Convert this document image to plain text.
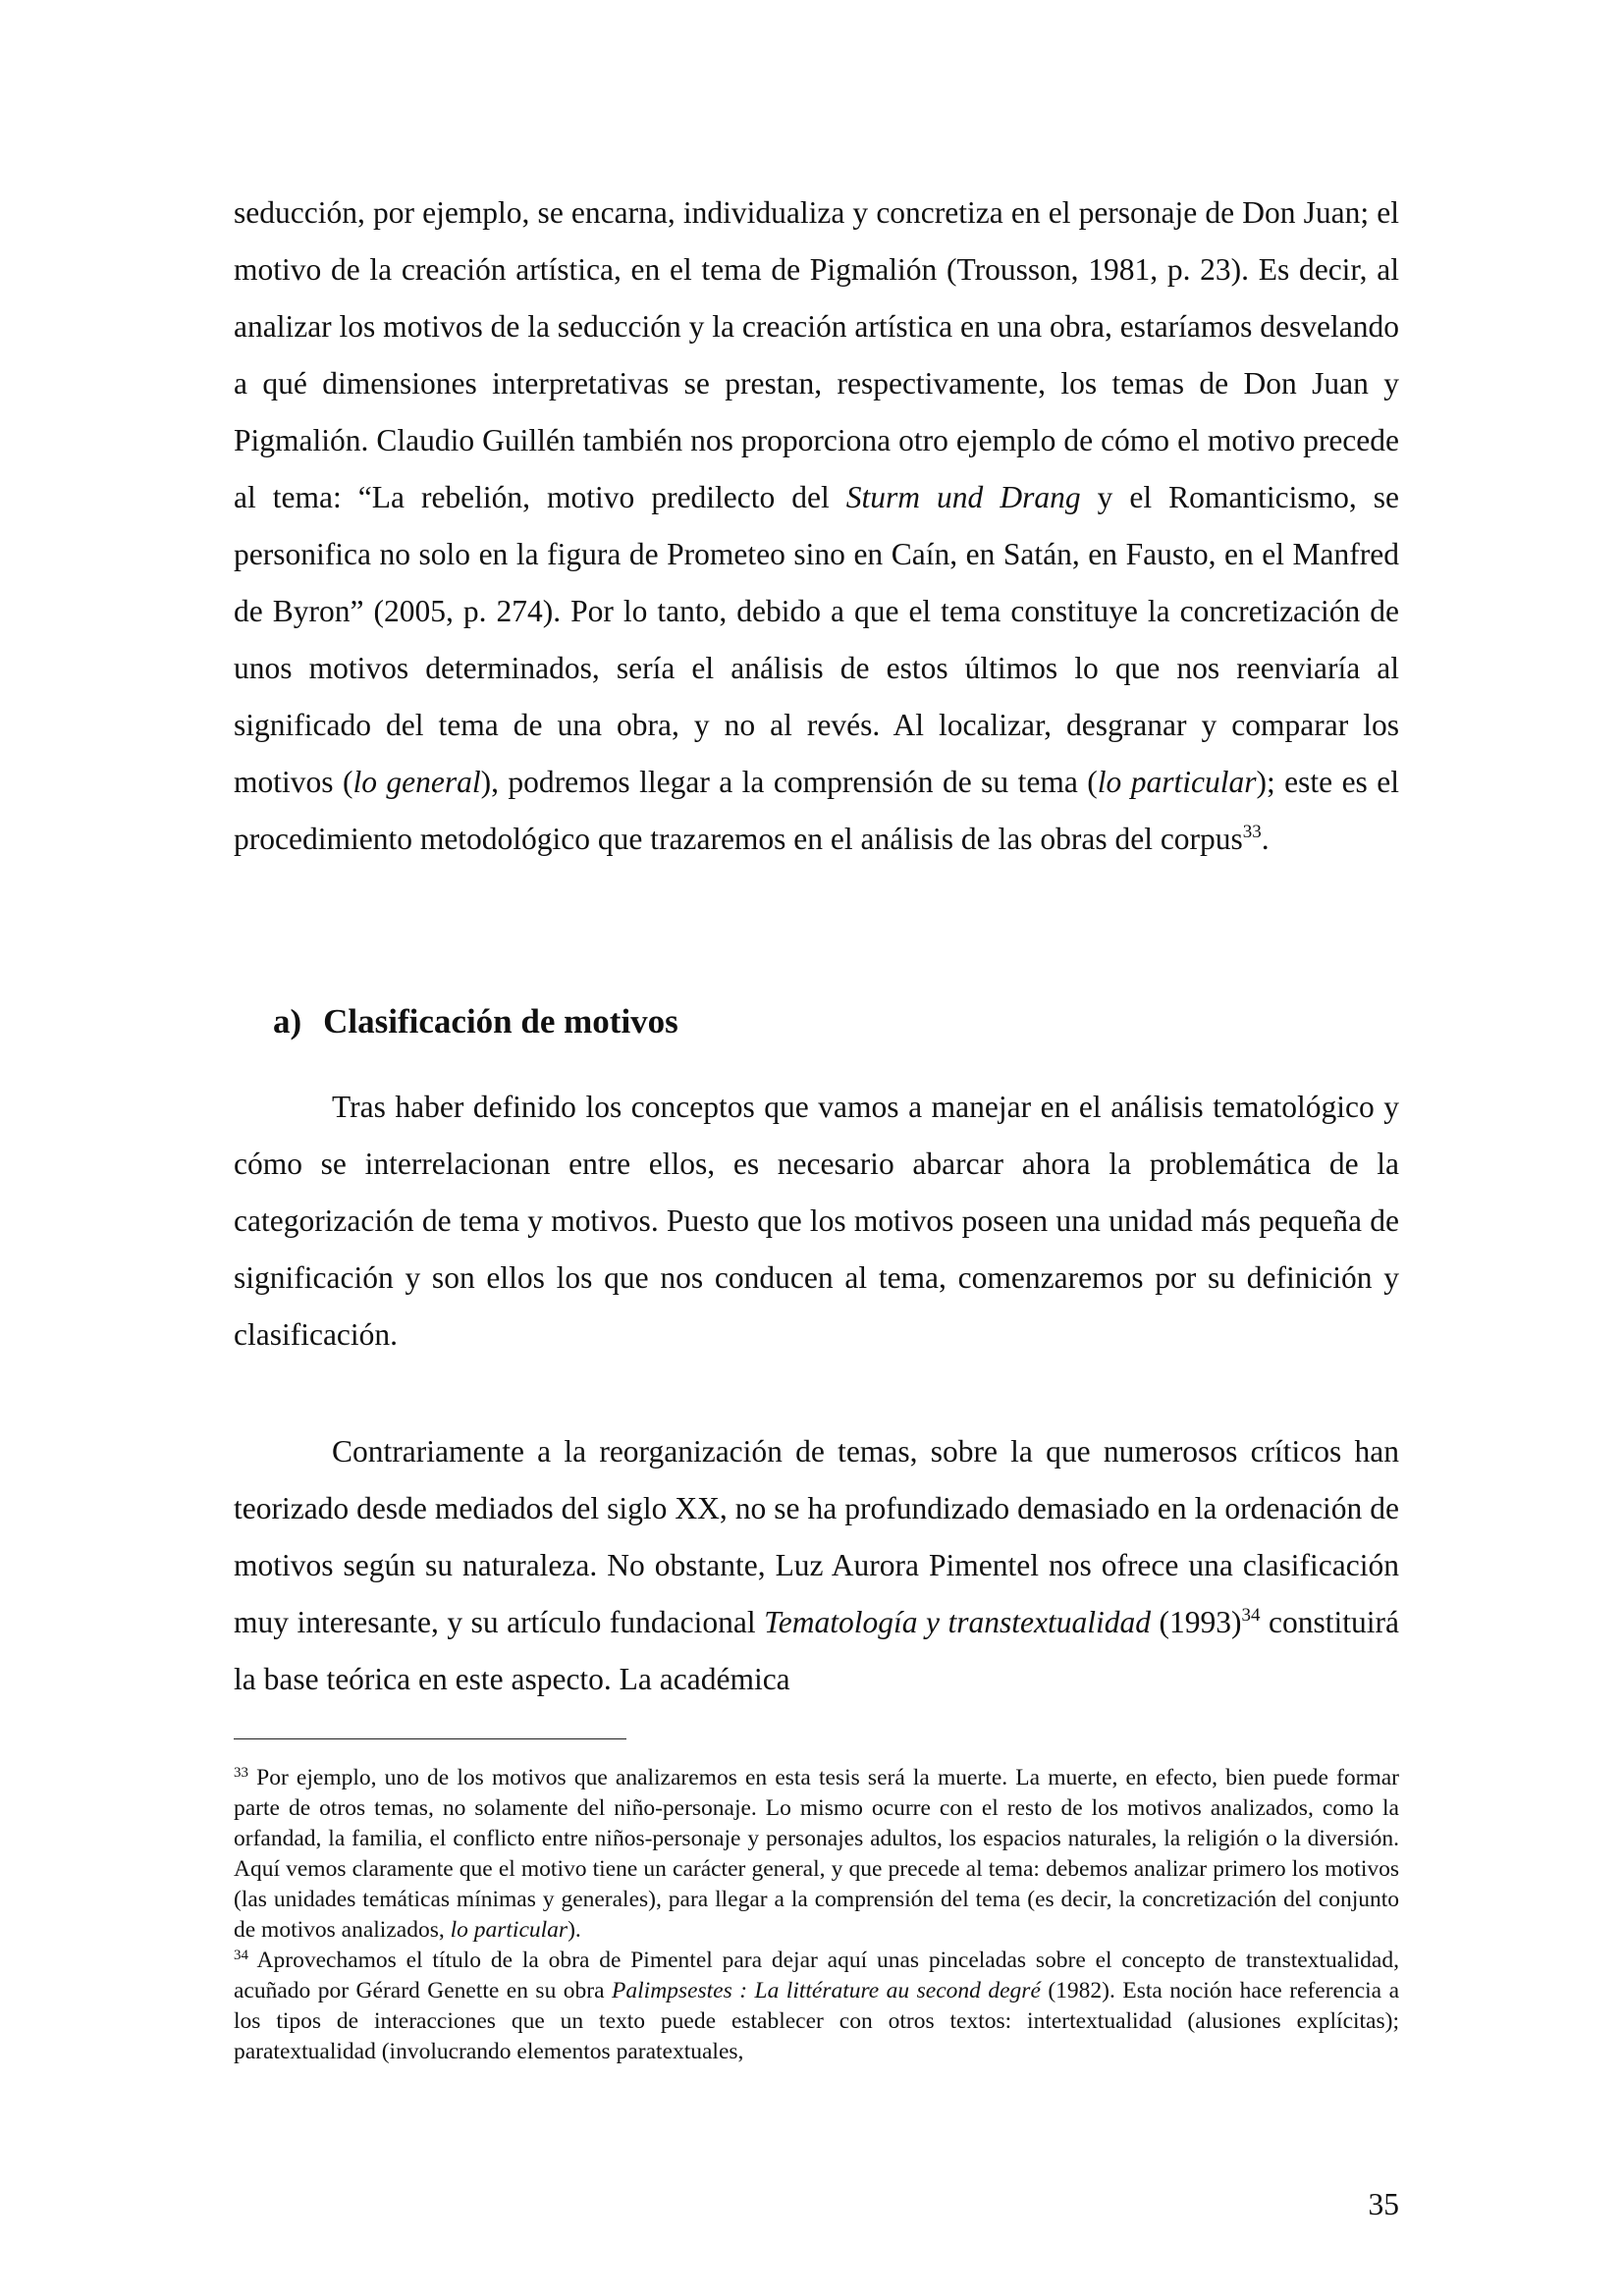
seducción, por ejemplo, se encarna, individualiza y concretiza en el personaje de Don Juan; el motivo de la creación artística, en el tema de Pigmalión (Trousson, 1981, p. 23). Es decir, al analizar los motivos de la seducción y la creación artística en una obra, estaríamos desvelando a qué dimensiones interpretativas se prestan, respectivamente, los temas de Don Juan y Pigmalión. Claudio Guillén también nos proporciona otro ejemplo de cómo el motivo precede al tema: “La rebelión, motivo predilecto del Sturm und Drang y el Romanticismo, se personifica no solo en la figura de Prometeo sino en Caín, en Satán, en Fausto, en el Manfred de Byron” (2005, p. 274). Por lo tanto, debido a que el tema constituye la concretización de unos motivos determinados, sería el análisis de estos últimos lo que nos reenviaría al significado del tema de una obra, y no al revés. Al localizar, desgranar y comparar los motivos (lo general), podremos llegar a la comprensión de su tema (lo particular); este es el procedimiento metodológico que trazaremos en el análisis de las obras del corpus$^{33}$.

a) Clasificación de motivos

Tras haber definido los conceptos que vamos a manejar en el análisis tematológico y cómo se interrelacionan entre ellos, es necesario abarcar ahora la problemática de la categorización de tema y motivos. Puesto que los motivos poseen una unidad más pequeña de significación y son ellos los que nos conducen al tema, comenzaremos por su definición y clasificación.

Contrariamente a la reorganización de temas, sobre la que numerosos críticos han teorizado desde mediados del siglo XX, no se ha profundizado demasiado en la ordenación de motivos según su naturaleza. No obstante, Luz Aurora Pimentel nos ofrece una clasificación muy interesante, y su artículo fundacional Tematología y transtextualidad $(1993)^{34}$ constituirá la base teórica en este aspecto. La académica

$^{33}$ Por ejemplo, uno de los motivos que analizaremos en esta tesis será la muerte. La muerte, en efecto, bien puede formar parte de otros temas, no solamente del niño-personaje. Lo mismo ocurre con el resto de los motivos analizados, como la orfandad, la familia, el conflicto entre niños-personaje y personajes adultos, los espacios naturales, la religión o la diversión. Aquí vemos claramente que el motivo tiene un carácter general, y que precede al tema: debemos analizar primero los motivos (las unidades temáticas mínimas y generales), para llegar a la comprensión del tema (es decir, la concretización del conjunto de motivos analizados, lo particular).

$^{34}$ Aprovechamos el título de la obra de Pimentel para dejar aquí unas pinceladas sobre el concepto de transtextualidad, acuñado por Gérard Genette en su obra Palimpsestes : La littérature au second degré (1982). Esta noción hace referencia a los tipos de interacciones que un texto puede establecer con otros textos: intertextualidad (alusiones explícitas); paratextualidad (involucrando elementos paratextuales,

35
